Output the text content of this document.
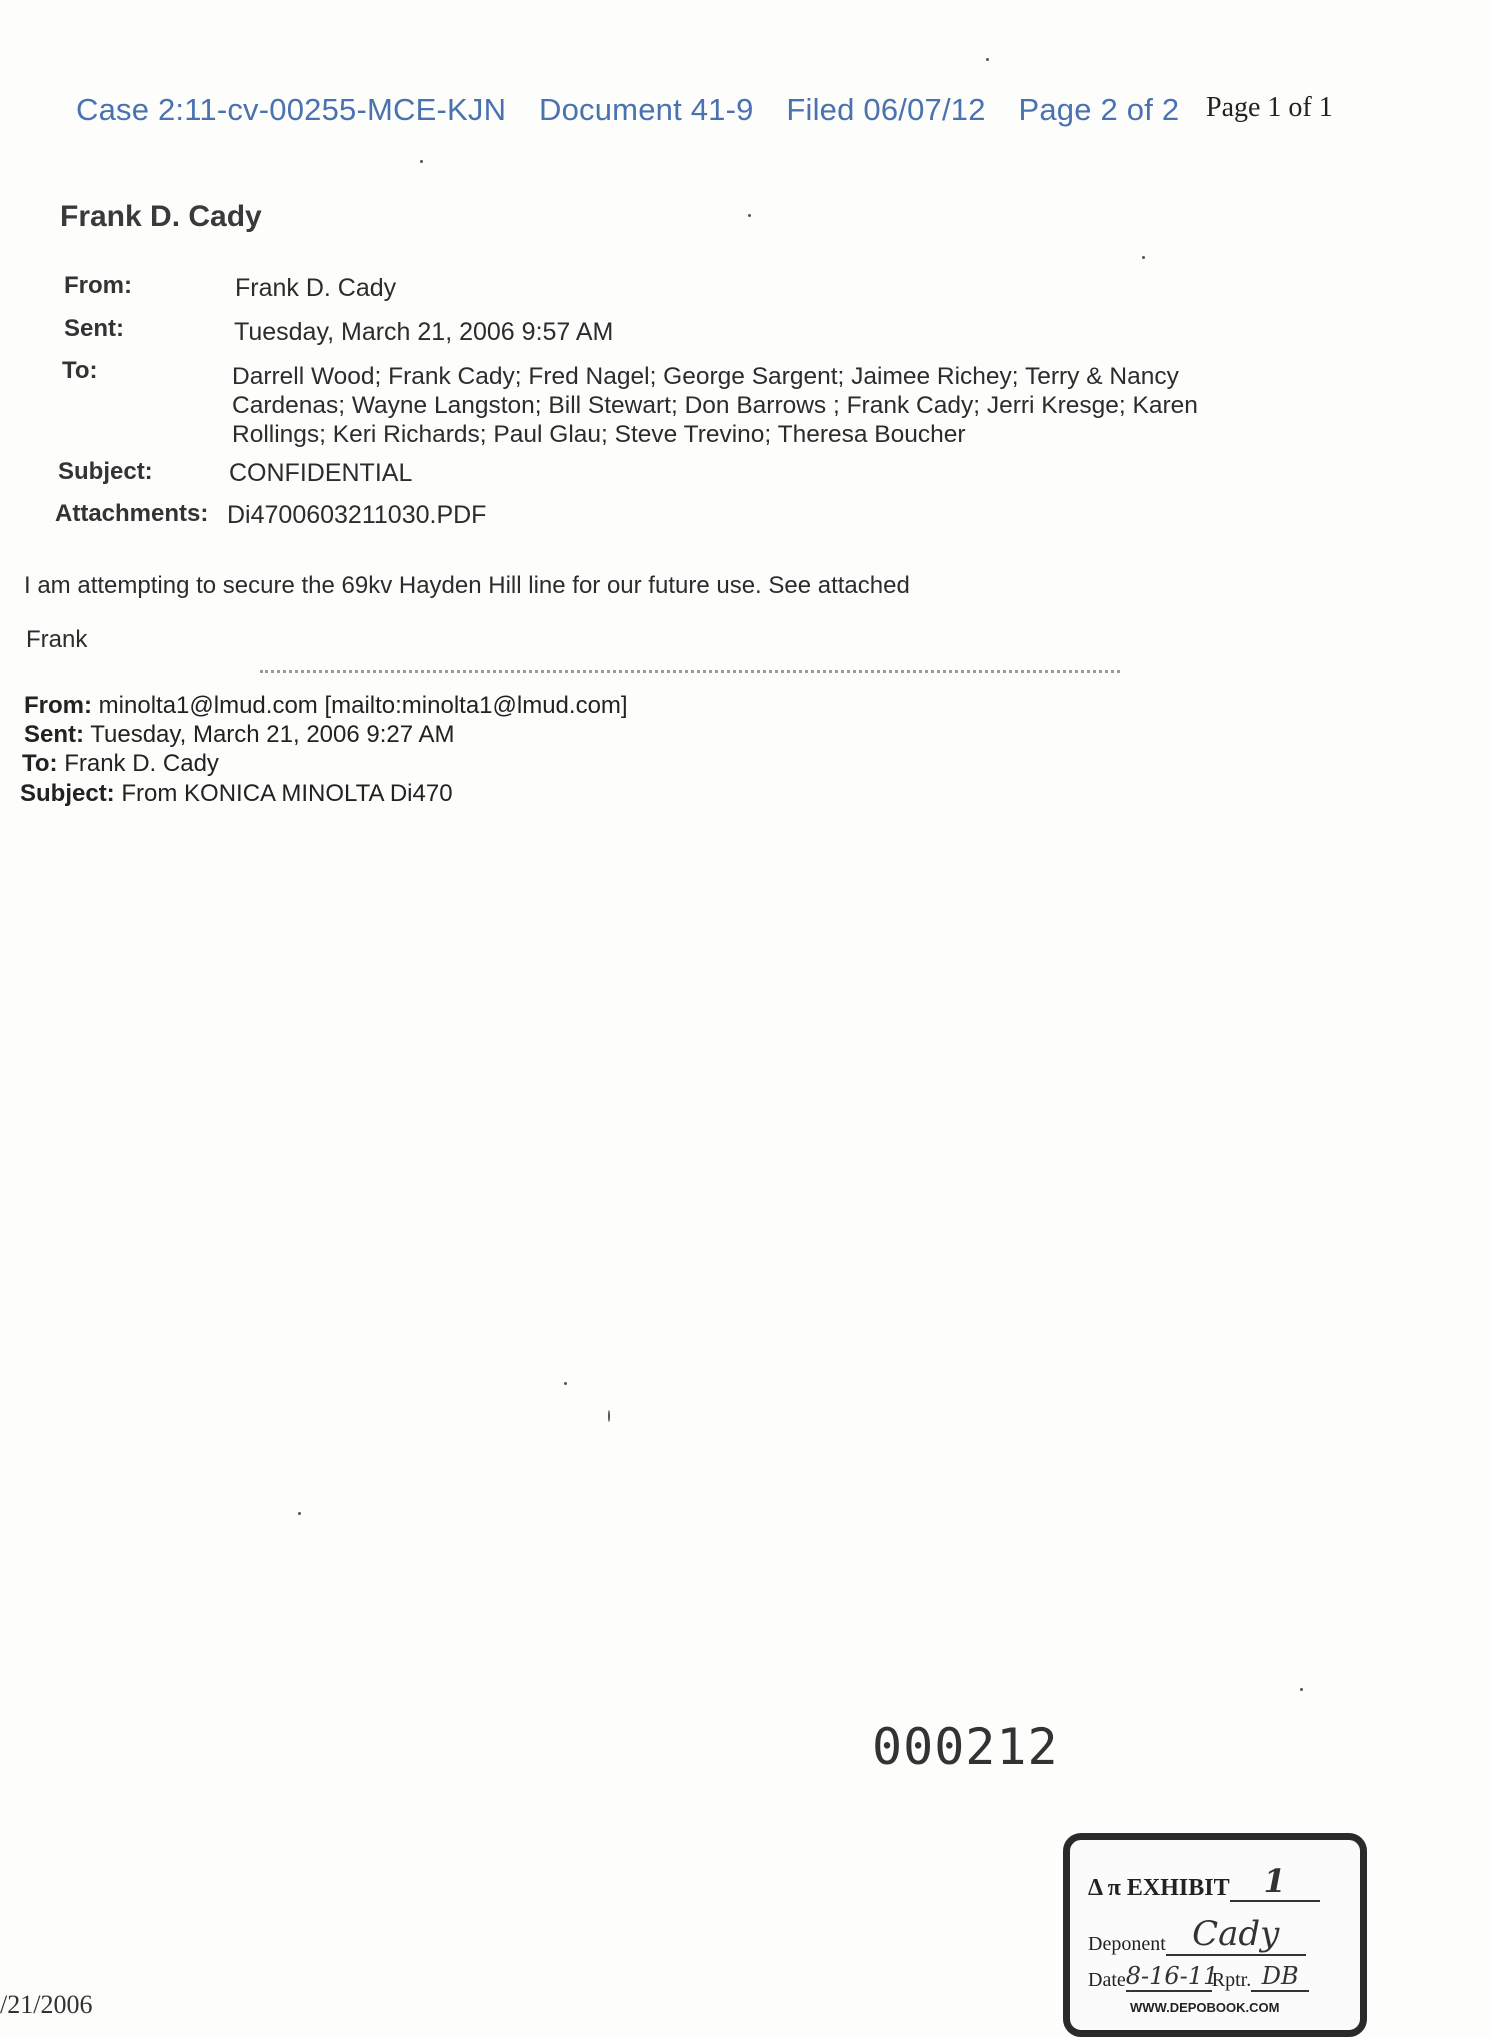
Case 2:11-cv-00255-MCE-KJN Document 41-9 Filed 06/07/12 Page 2 of 2 Page 1 of 1
Frank D. Cady
From:	Frank D. Cady
Sent:	Tuesday, March 21, 2006 9:57 AM
To:	Darrell Wood; Frank Cady; Fred Nagel; George Sargent; Jaimee Richey; Terry & Nancy Cardenas; Wayne Langston; Bill Stewart; Don Barrows ; Frank Cady; Jerri Kresge; Karen Rollings; Keri Richards; Paul Glau; Steve Trevino; Theresa Boucher
Subject:	CONFIDENTIAL
Attachments: Di4700603211030.PDF
I am attempting to secure the 69kv Hayden Hill line for our future use. See attached
Frank
From: minolta1@lmud.com [mailto:minolta1@lmud.com]
Sent: Tuesday, March 21, 2006 9:27 AM
To: Frank D. Cady
Subject: From KONICA MINOLTA Di470
000212
/21/2006
Δ π EXHIBIT 1
Deponent Cady
Date8-16-11Rptr. DB
WWW.DEPOBOOK.COM
